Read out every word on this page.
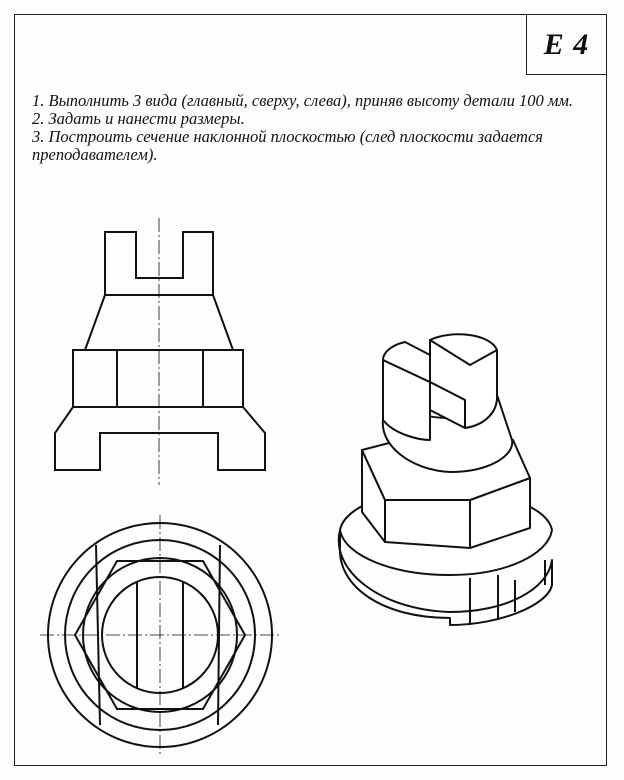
E 4

1. Выполнить 3 вида (главный, сверху, слева), приняв высоту детали 100 мм.

2. Задать и нанести размеры.

3. Построить сечение наклонной плоскостью (след плоскости задается преподавателем).
